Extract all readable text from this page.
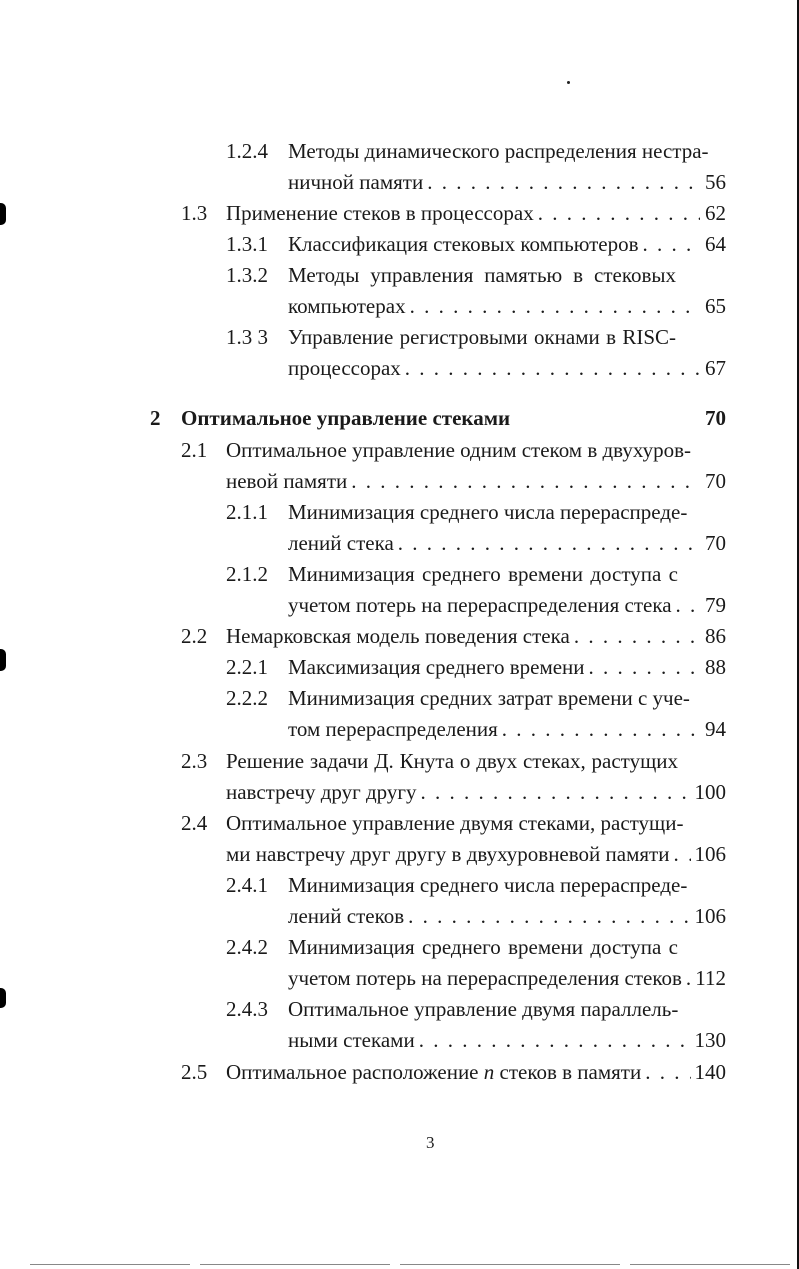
1.2.4 Методы динамического распределения нестра-
ничной памяти . . .	56
1.3 Применение стеков в процессорах . . .	62
1.3.1 Классификация стековых компьютеров . . .	64
1.3.2 Методы управления памятью в стековых
компьютерах . . .	65
1.3 3 Управление регистровыми окнами в RISC-
процессорах . . .	67
2 Оптимальное управление стеками	70
2.1 Оптимальное управление одним стеком в двухуров-
невой памяти . . .	70
2.1.1 Минимизация среднего числа перераспреде-
лений стека . . .	70
2.1.2 Минимизация среднего времени доступа с
учетом потерь на перераспределения стека . . . 79
2.2 Немарковская модель поведения стека . . .	86
2.2.1 Максимизация среднего времени . . .	88
2.2.2 Минимизация средних затрат времени с уче-
том перераспределения . . .	94
2.3 Решение задачи Д. Кнута о двух стеках, растущих
навстречу друг другу . . .	100
2.4 Оптимальное управление двумя стеками, растущи-
ми навстречу друг другу в двухуровневой памяти . . . 106
2.4.1 Минимизация среднего числа перераспреде-
лений стеков . . .	106
2.4.2 Минимизация среднего времени доступа с
учетом потерь на перераспределения стеков . . . 112
2.4.3 Оптимальное управление двумя параллель-
ными стеками . . .	130
2.5 Оптимальное расположение n стеков в памяти . . .	140
3
